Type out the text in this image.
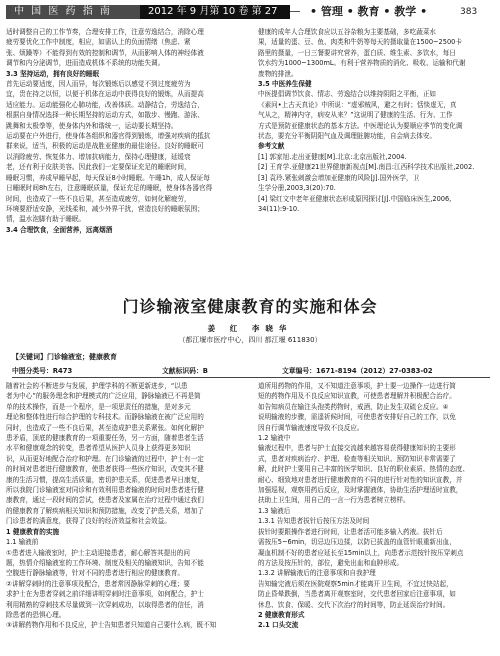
中 国 医 药 指 南	2012 年 9 月第 10 卷 第 27 期
• 管理 • 教育 • 教学 •	383

适时调整自己的工作节奏，合理安排工作，注意劳逸结合，消除心理

疲劳要优化工作中制度，相应，如需认上的负面情绪（焦虑、紧

张、烦躁等）不能得到有效的控制和调节，从而影响人体的神经体液

调节和内分泌调节，进而造成机体不系统的功能失调。

3.3 坚持运动，拥有良好的睡眠

首先运动要适度，因人而异，每次锻炼后以感觉不到过度疲劳为

宜，贵在持之以恒，以便于机体在运动中获得良好的锻炼，从而提高

适应能力。运动能强化心肺功能，改善体质。动静结合，劳逸结合，

根据自身情况选择一种长期坚持的运动方式，如散步、慢跑、游泳、

跳舞和太极拳等，使身体内外和谐统一，运动要长期坚持。

运动要在户外进行，使身体各组织和器官得到锻炼，增强对疾病的抵抗

群来说，适当，积极的运动是战胜亚健康的最佳途径。良好的睡眠可

以消除疲劳、恢复体力、增加抗病能力，保持心理健康，延缓衰

老，还有利于皮肤美容。因此我们一定要保证充足的睡眠时间，

睡眠习惯，养成早睡早起，每天保证8小时睡眠。午睡1h，成人保证每

日睡眠时间8h左右，注意睡眠质量，保证充足的睡眠，使身体各器官得

时间，也造成了一些不良后果，甚至造成疲劳，如何化解疲劳，

环境要舒适安静，光线柔和，减少外界干扰，营造良好的睡眠氛围；

情，温水泡脚有助于睡眠。

3.4 合理饮食，全面营养，远离烟酒

健康的成年人合理饮食应以五谷杂粮为主要基础，多吃蔬菜水

果，适量的蛋、豆、鱼、肉类和牛奶等每天的摄取量在1500~2500卡

路里的摄量，一日三餐要讲究营养，蛋白质、维生素、多饮水，每日

饮水约为1000~1300mL。有利于营养物质的消化、吸收、运输和代谢

废物的排泄。

3.5 中医养生保健

中医提倡调节饮食、情志、劳逸结合以维持阴阳之平衡，正如

《素问•上古天真论》中所说：“虚邪贼风，避之有时；恬惔虚无，真

气从之，精神内守，病安从来？”这说明了健康的生活、行为、工作

方式是预防亚健康状态的基本方法。中医理论认为要顺应季节的变化调

状态，要充分平衡阴阳气血及调理脏腑功能，自会病去体安。

参考文献

[1] 郭家旭.走出亚健康[M].北京:北京出版社,2004.

[2] 王育学.亚健康21世界健康新视点[M].南昌:江西科学技术出版社,2002.

[3] 袁玲.紧张刺激会增加亚健康的风险[J].国外医学，卫

生学分册,2003,3(20):70.

[4] 梁红文中老年亚健康状态形成原因探讨[J].中国临床医生,2006,

34(11):9-10.

门诊输液室健康教育的实施和体会
姜 红 李晓华
（都江堰市医疗中心，四川 都江堰 611830）
【关键词】门诊输液室；健康教育
中图分类号：R473	文献标识码：B	文章编号：1671-8194（2012）27-0383-02

随着社会的不断进步与发展，护理学科的不断更新进步，“以患

者为中心”的服务理念和护理模式的广泛应用，静脉输液已不再是简

单的技术操作，而是一个程序，是一项思责任的措施，是对多元

理论和整体性进行综合护理的专科技术。而静脉输液在被广泛应用的

同时，也造成了一些不良后果，甚至造成护患关系紧张。如何化解护

患矛盾，顶底的健康教育的一项重要任务，另一方面，随着患者生活

水平和健康观念的转变，患者希望从医护人员身上获得更多知识

识，从而更好地配合治疗和护理。在门诊输液的过程中，护士有一定

的时间对患者进行健康教育，使患者获得一些医疗知识，改变其不健

康的生活习惯，提高生活质量，密切护患关系，促进患者早日康复，

所以我院门诊输液室对同诊和有效利用患者输液的时间对患者进行健

康教育，通过一段时间的尝试，使患者及家属在治疗过程中通过我们

的健康教育了解疾病相关知识和预防措施，改变了护患关系，增加了

门诊患者的满意度，获得了良好的经济效益和社会效益。

1 健康教育的实施

1.1 输液前

①患者进入输液室时，护士主动迎接患者，耐心解答其提出的问

题，热情介绍输液室的工作环境、制度及相关的输液知识，告知不能

空腹进行静脉输液等，针对不同的患者进行相应的健康教育。

②讲解穿刺时的注意事项及配合，患者常因静脉穿刺的心理；要

求护士在为患者穿刺之前详细讲明穿刺时注意事项，如何配合，护士

利用精熟的穿刺技术尽量做到一次穿刺成功，以取得患者的信任，消

除患者的恐惧心理。

③讲解药物作用和不良反应，护士告知患者只知道自己要什么病，既不知

道所用药物的作用，又不知道注意事项，护士要一边操作一边进行简

短的药物作用及不良反应知识宣教，可使患者理解并积极配合治疗。

如告知病员在输注头孢类药物时，戒酒，防止发生双硫仑反应。④

说明输液的步骤，需遥祈候时间，可使患者安排好自己的工作，以免

因自行调节输液速度导致不良反应。

1.2 输液中

输液过程中，患者与护士直接交流越来越容易获得健康知识的主要形

式，患者对疾病治疗、护理、检查等相关知识、预防知识非常需要了

解，此时护士要用自己丰富的医学知识、良好的职业素质、热情的态度、

耐心、细致地对患者进行健康教育的不同的进行针对性的知识宣教，并

加强巡视，观察用药后反应，及时掌握液体，协助生活护理适时宣教，

扶助上卫生间，用自己的一言一行为患者树立榜样。

1.3 输液后

1.3.1 告知患者拔针后按压方法及时间

拔针时要跟操作者进行时间，让患者活可能多输入药液。拔针后

需按压5~6min，切忌边压边揉，以防已拔盖的血管针眼重新出血，

凝血机制不好的患者应延长至15min以上，向患者示范按针按压穿刺点

的方法及按压针的，部位，避免出血和血肿形成。

1.3.2 讲解输液后的注意事项和自我护理

告知输完液后须在医院观察5min才能离开卫生间，不宜过快站起，

防止昏晕跌倒，当患者离开观察室时，交代患者回家后注意事项，如

休息、饮食、保暖、交代下次治疗的时间等，防止延误治疗时间。

2 健康教育形式

2.1 口头交流
